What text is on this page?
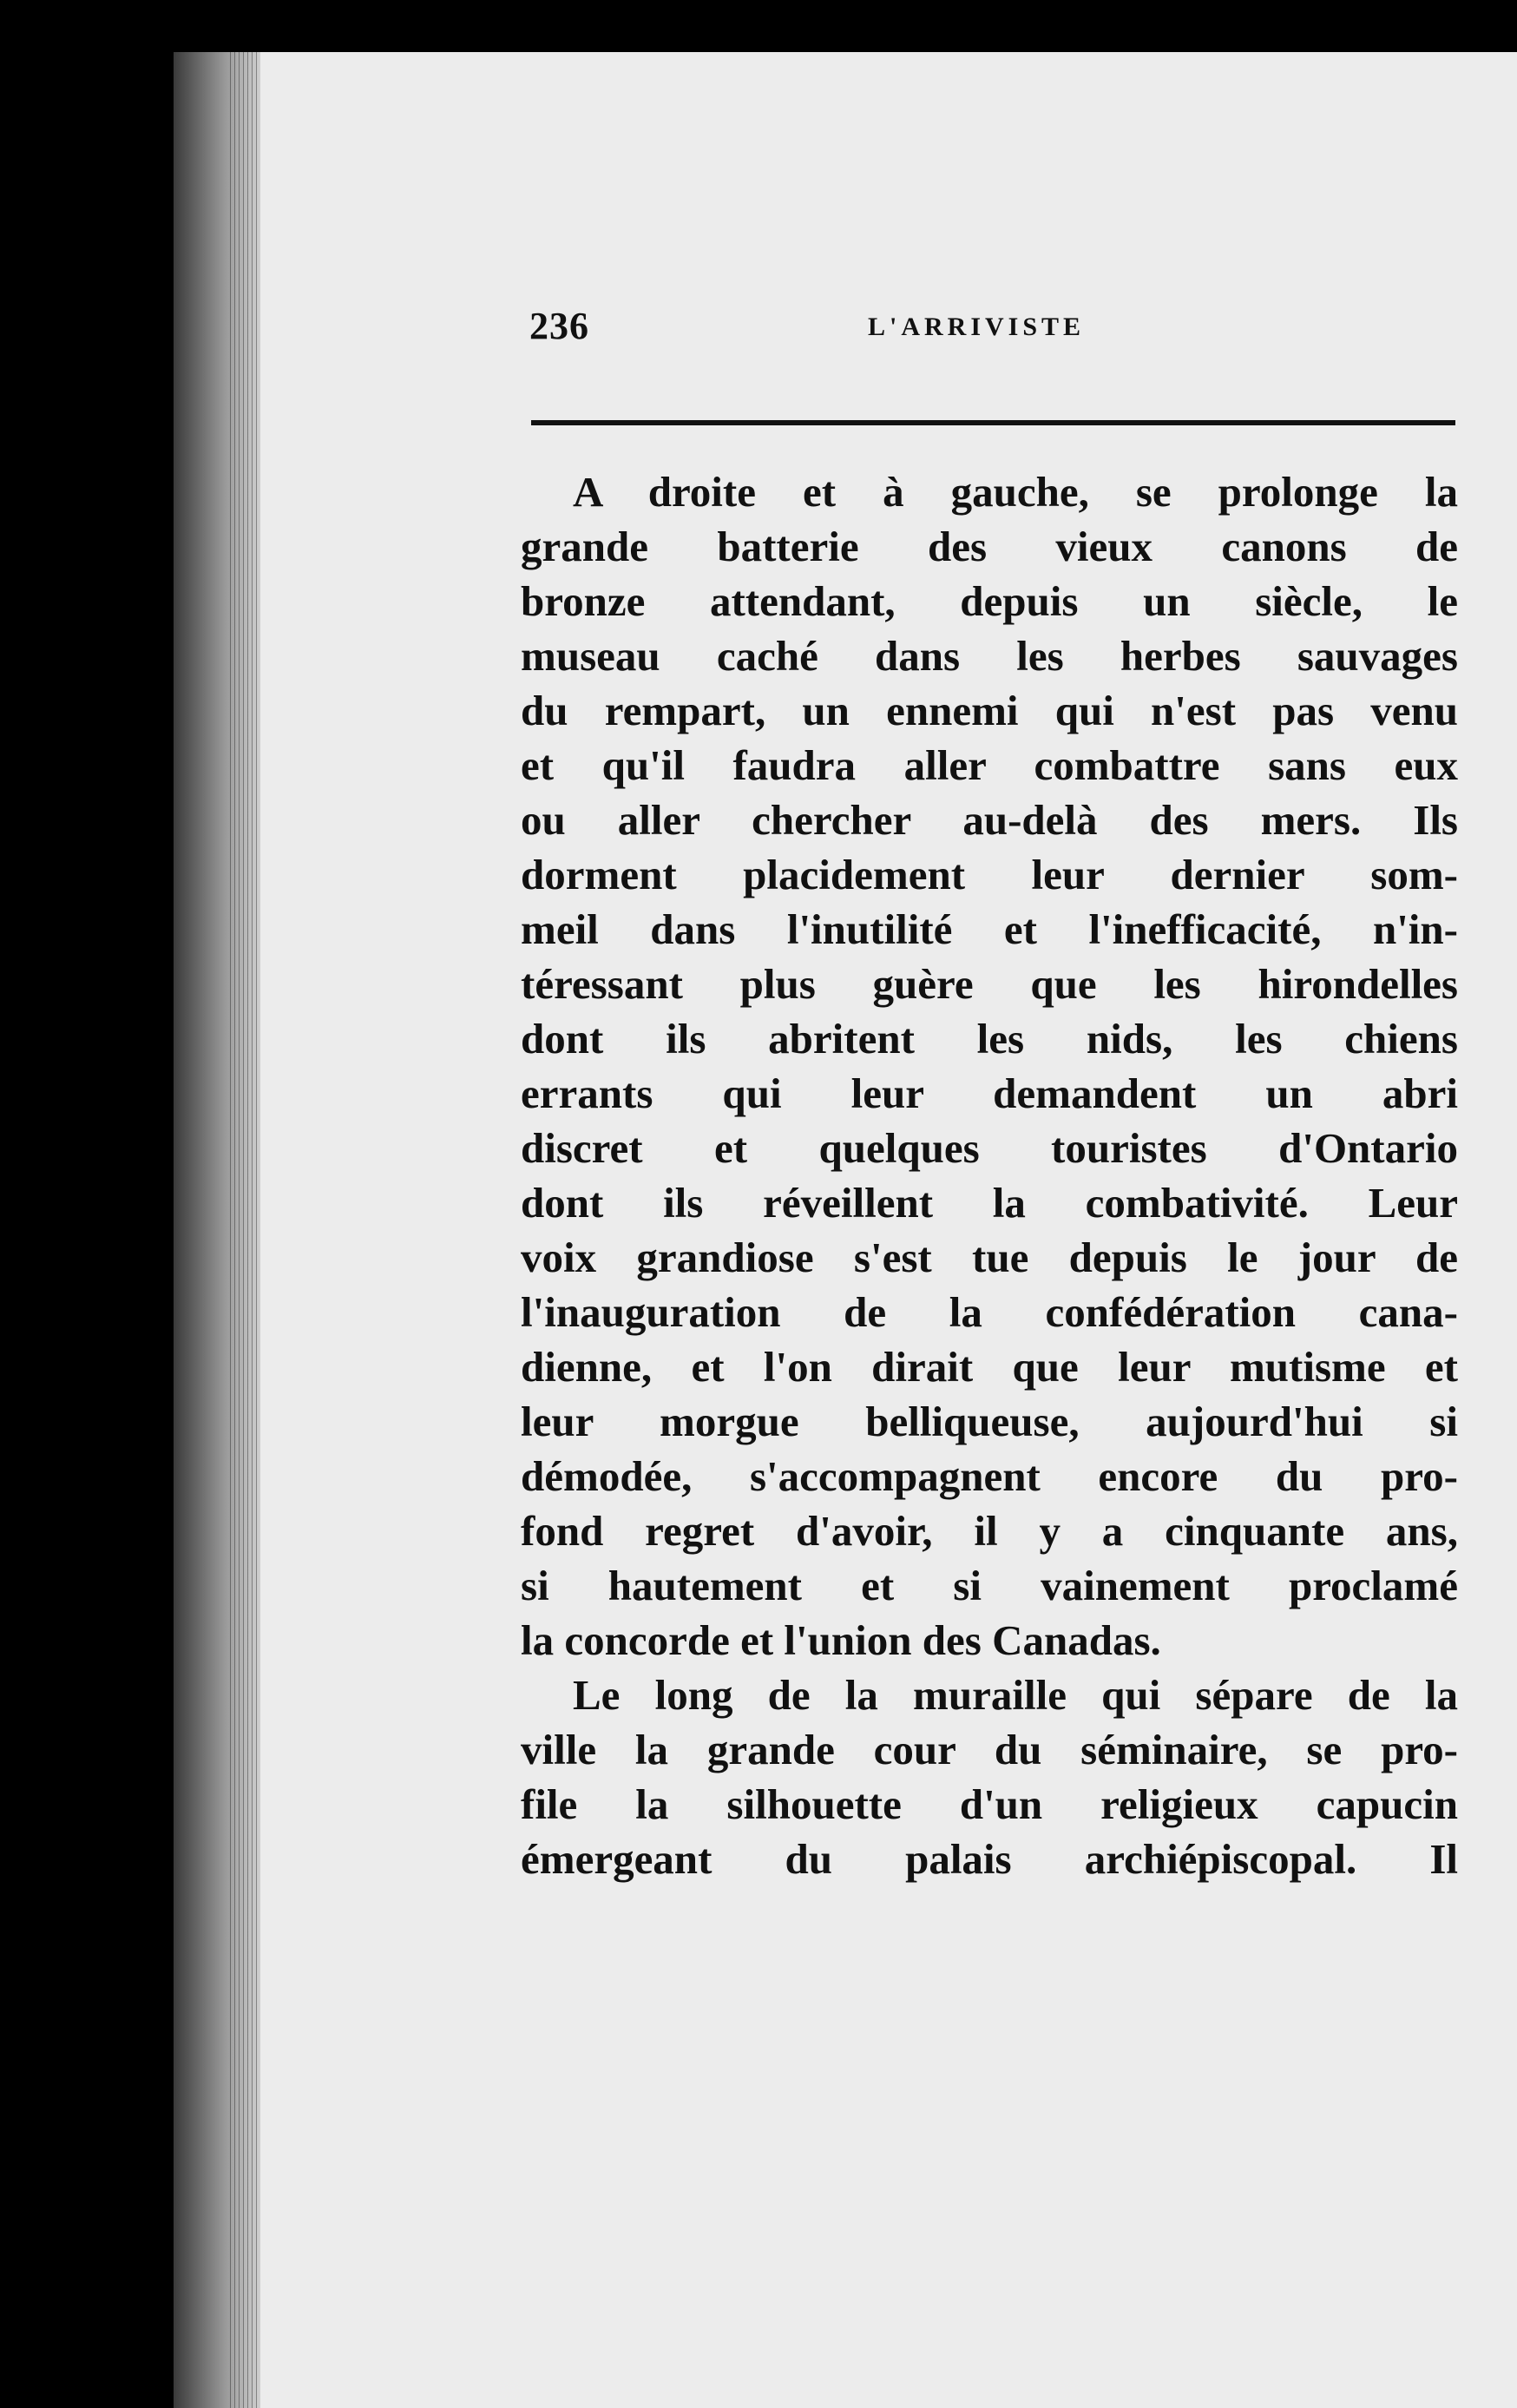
236	L'ARRIVISTE
A droite et à gauche, se prolonge la
grande batterie des vieux canons de
bronze attendant, depuis un siècle, le
museau caché dans les herbes sauvages
du rempart, un ennemi qui n'est pas venu
et qu'il faudra aller combattre sans eux
ou aller chercher au-delà des mers. Ils
dorment placidement leur dernier som-
meil dans l'inutilité et l'inefficacité, n'in-
téressant plus guère que les hirondelles
dont ils abritent les nids, les chiens
errants qui leur demandent un abri
discret et quelques touristes d'Ontario
dont ils réveillent la combativité. Leur
voix grandiose s'est tue depuis le jour de
l'inauguration de la confédération cana-
dienne, et l'on dirait que leur mutisme et
leur morgue belliqueuse, aujourd'hui si
démodée, s'accompagnent encore du pro-
fond regret d'avoir, il y a cinquante ans,
si hautement et si vainement proclamé
la concorde et l'union des Canadas.
Le long de la muraille qui sépare de la
ville la grande cour du séminaire, se pro-
file la silhouette d'un religieux capucin
émergeant du palais archiépiscopal. Il
